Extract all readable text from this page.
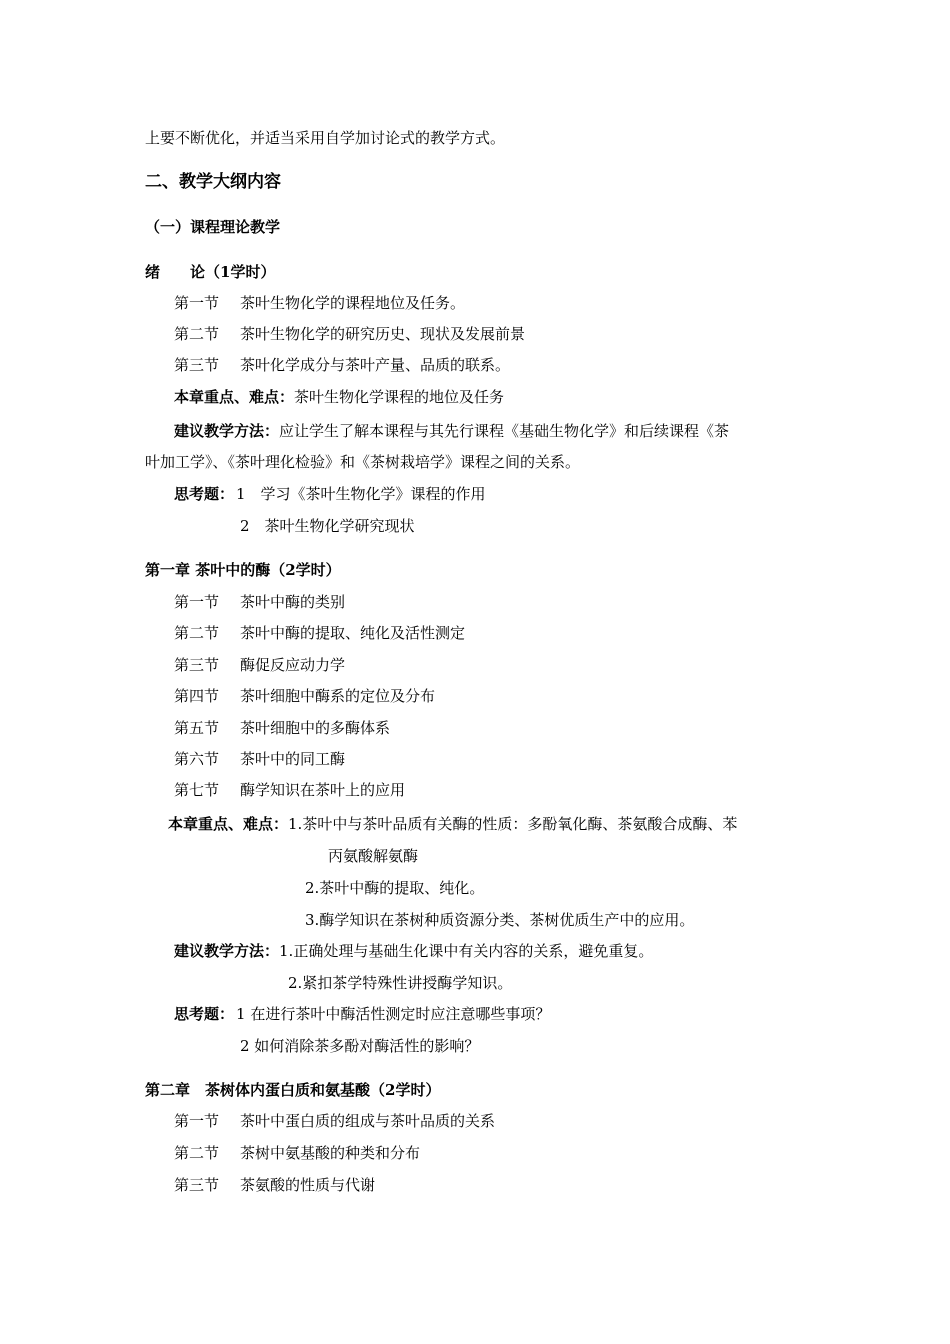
上要不断优化，并适当采用自学加讨论式的教学方式。
二、教学大纲内容
（一）课程理论教学
绪　　论（1学时）
第一节 茶叶生物化学的课程地位及任务。
第二节 茶叶生物化学的研究历史、现状及发展前景
第三节 茶叶化学成分与茶叶产量、品质的联系。
本章重点、难点：茶叶生物化学课程的地位及任务
建议教学方法：应让学生了解本课程与其先行课程《基础生物化学》和后续课程《茶
叶加工学》、《茶叶理化检验》和《茶树栽培学》课程之间的关系。
思考题： 1　学习《茶叶生物化学》课程的作用
2　茶叶生物化学研究现状
第一章 茶叶中的酶（2学时）
第一节 茶叶中酶的类别
第二节 茶叶中酶的提取、纯化及活性测定
第三节 酶促反应动力学
第四节 茶叶细胞中酶系的定位及分布
第五节 茶叶细胞中的多酶体系
第六节 茶叶中的同工酶
第七节 酶学知识在茶叶上的应用
本章重点、难点：1.茶叶中与茶叶品质有关酶的性质：多酚氧化酶、茶氨酸合成酶、苯
丙氨酸解氨酶
2.茶叶中酶的提取、纯化。
3.酶学知识在茶树种质资源分类、茶树优质生产中的应用。
建议教学方法：1.正确处理与基础生化课中有关内容的关系，避免重复。
2.紧扣茶学特殊性讲授酶学知识。
思考题： 1 在进行茶叶中酶活性测定时应注意哪些事项？
2 如何消除茶多酚对酶活性的影响？
第二章　茶树体内蛋白质和氨基酸（2学时）
第一节 茶叶中蛋白质的组成与茶叶品质的关系
第二节 茶树中氨基酸的种类和分布
第三节 茶氨酸的性质与代谢
